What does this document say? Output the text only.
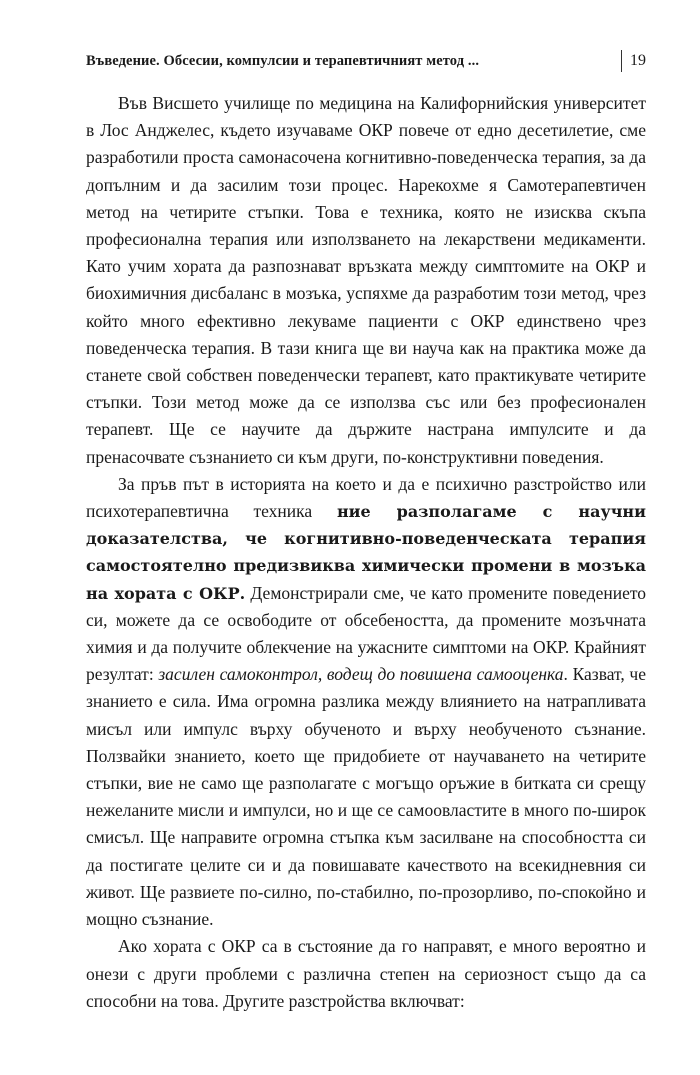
Въведение. Обсесии, компулсии и терапевтичният метод ...	19

Във Висшето училище по медицина на Калифорнийския университет в Лос Анджелес, където изучаваме ОКР повече от едно десетилетие, сме разработили проста самонасочена когнитивно-поведенческа терапия, за да допълним и да засилим този процес. Нарекохме я Самотерапевтичен метод на четирите стъпки. Това е техника, която не изисква скъпа професионална терапия или използването на лекарствени медикаменти. Като учим хората да разпознават връзката между симптомите на ОКР и биохимичния дисбаланс в мозъка, успяхме да разработим този метод, чрез който много ефективно лекуваме пациенти с ОКР единствено чрез поведенческа терапия. В тази книга ще ви науча как на практика може да станете свой собствен поведенчески терапевт, като практикувате четирите стъпки. Този метод може да се използва със или без професионален терапевт. Ще се научите да държите настрана импулсите и да пренасочвате съзнанието си към други, по-конструктивни поведения.

За пръв път в историята на което и да е психично разстройство или психотерапевтична техника ние разполагаме с научни доказателства, че когнитивно-поведенческата терапия самостоятелно предизвиква химически промени в мозъка на хората с ОКР. Демонстрирали сме, че като промените поведението си, можете да се освободите от обсебеността, да промените мозъчната химия и да получите облекчение на ужасните симптоми на ОКР. Крайният резултат: засилен самоконтрол, водещ до повишена самооценка. Казват, че знанието е сила. Има огромна разлика между влиянието на натрапливата мисъл или импулс върху обученото и върху необученото съзнание. Ползвайки знанието, което ще придобиете от научаването на четирите стъпки, вие не само ще разполагате с могъщо оръжие в битката си срещу нежеланите мисли и импулси, но и ще се самоовластите в много по-широк смисъл. Ще направите огромна стъпка към засилване на способността си да постигате целите си и да повишавате качеството на всекидневния си живот. Ще развиете по-силно, по-стабилно, по-прозорливо, по-спокойно и мощно съзнание.

Ако хората с ОКР са в състояние да го направят, е много вероятно и онези с други проблеми с различна степен на сериозност също да са способни на това. Другите разстройства включват:
